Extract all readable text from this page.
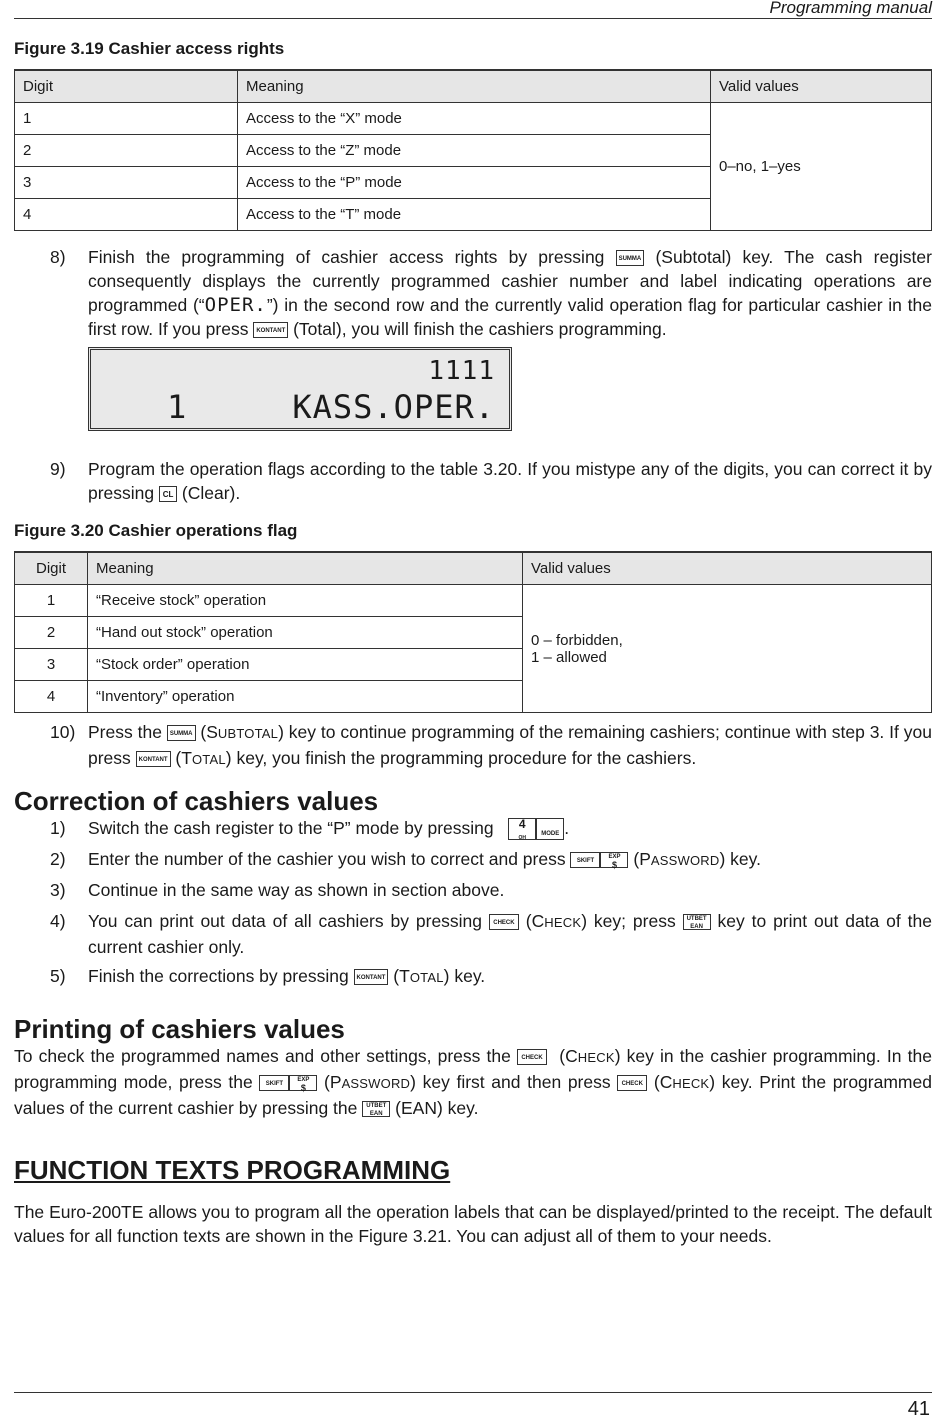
Programming manual
Figure 3.19 Cashier access rights
Digit	Meaning	Valid values
1	Access to the “X” mode	0–no, 1–yes
2	Access to the “Z” mode	
3	Access to the “P” mode	
4	Access to the “T” mode	
8) Finish the programming of cashier access rights by pressing SUMMA (Subtotal) key. The cash register consequently displays the currently programmed cashier number and label indicating operations are programmed (“OPER.”) in the second row and the currently valid operation flag for particular cashier in the first row. If you press KONTANT (Total), you will finish the cashiers programming.
1111
1	KASS.OPER.
9) Program the operation flags according to the table 3.20. If you mistype any of the digits, you can correct it by pressing CL (Clear).
Figure 3.20 Cashier operations flag
Digit	Meaning	Valid values
1	“Receive stock” operation	0 – forbidden,
1 – allowed

2	“Hand out stock” operation	
3	“Stock order” operation	
4	“Inventory” operation	
10) Press the SUMMA (SUBTOTAL) key to continue programming of the remaining cashiers; continue with step 3. If you press KONTANT (TOTAL) key, you finish the programming procedure for the cashiers.
Correction of cashiers values
1) Switch the cash register to the “P” mode by pressing 4
OHMODE .
2) Enter the number of the cashier you wish to correct and press SKIFTEXP
$ (PASSWORD) key.
3) Continue in the same way as shown in section above.
4) You can print out data of all cashiers by pressing CHECK (CHECK) key; press UTBET
EAN key to print out data of the current cashier only.
5) Finish the corrections by pressing KONTANT (TOTAL) key.
Printing of cashiers values
To check the programmed names and other settings, press the CHECK  (CHECK) key in the cashier programming. In the programming mode, press the SKIFTEXP
$ (PASSWORD) key first and then press CHECK (CHECK) key. Print the programmed values of the current cashier by pressing the UTBET
EAN (EAN) key.
FUNCTION TEXTS PROGRAMMING
The Euro-200TE allows you to program all the operation labels that can be displayed/printed to the receipt. The default values for all function texts are shown in the Figure 3.21. You can adjust all of them to your needs.
41
